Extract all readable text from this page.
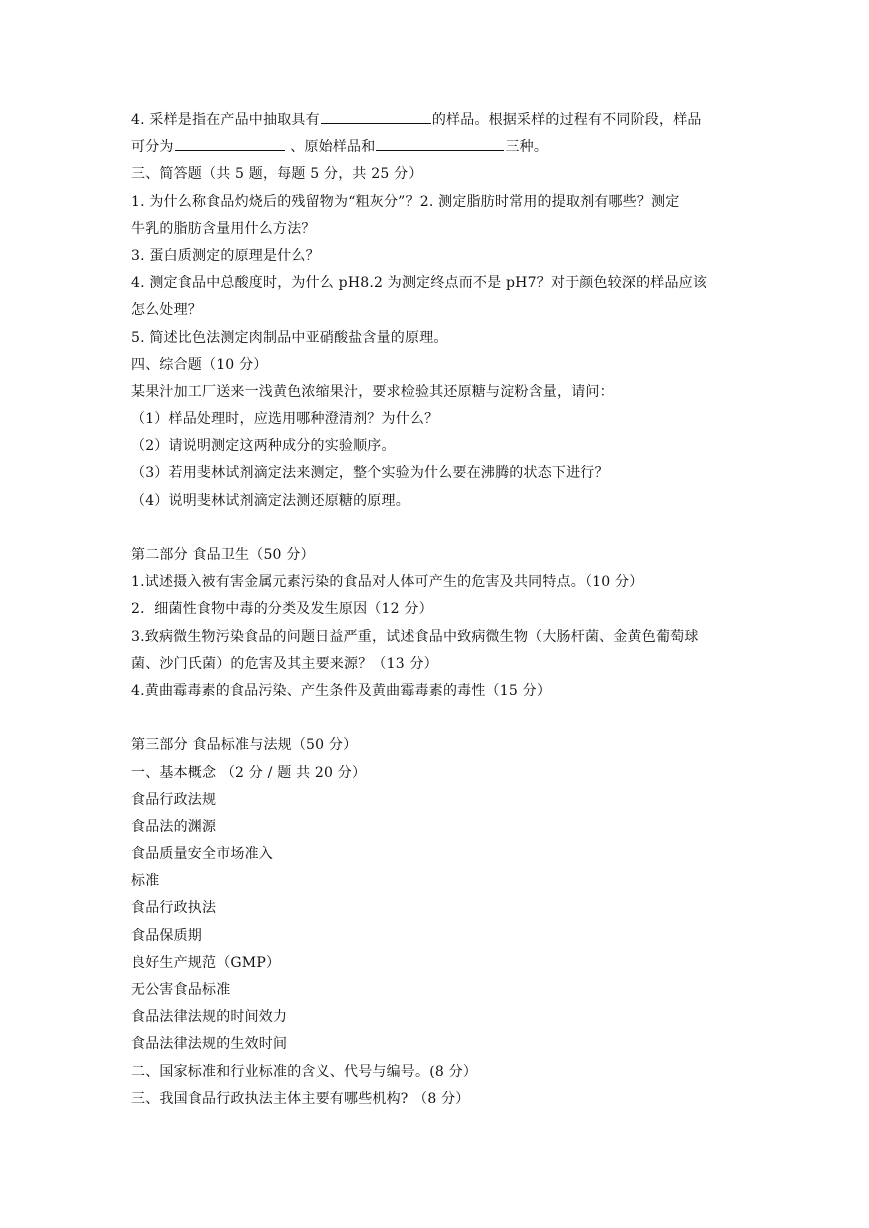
4. 采样是指在产品中抽取具有	的样品。根据采样的过程有不同阶段，样品
可分为	、原始样品和	三种。
三、简答题（共 5 题，每题 5 分，共 25 分）
1. 为什么称食品灼烧后的残留物为“粗灰分”？2. 测定脂肪时常用的提取剂有哪些？测定
牛乳的脂肪含量用什么方法？
3. 蛋白质测定的原理是什么？
4. 测定食品中总酸度时，为什么 pH8.2 为测定终点而不是 pH7？对于颜色较深的样品应该
怎么处理？
5. 简述比色法测定肉制品中亚硝酸盐含量的原理。
四、综合题（10 分）
某果汁加工厂送来一浅黄色浓缩果汁，要求检验其还原糖与淀粉含量，请问：
（1）样品处理时，应选用哪种澄清剂？为什么？
（2）请说明测定这两种成分的实验顺序。
（3）若用斐林试剂滴定法来测定，整个实验为什么要在沸腾的状态下进行？
（4）说明斐林试剂滴定法测还原糖的原理。
第二部分 食品卫生（50 分）
1.试述摄入被有害金属元素污染的食品对人体可产生的危害及共同特点。（10 分）
2．细菌性食物中毒的分类及发生原因（12 分）
3.致病微生物污染食品的问题日益严重，试述食品中致病微生物（大肠杆菌、金黄色葡萄球
菌、沙门氏菌）的危害及其主要来源？（13 分）
4.黄曲霉毒素的食品污染、产生条件及黄曲霉毒素的毒性（15 分）
第三部分 食品标准与法规（50 分）
一、基本概念 （2 分 / 题 共 20 分）
食品行政法规
食品法的渊源
食品质量安全市场准入
标准
食品行政执法
食品保质期
良好生产规范（GMP）
无公害食品标准
食品法律法规的时间效力
食品法律法规的生效时间
二、国家标准和行业标准的含义、代号与编号。(8 分）
三、我国食品行政执法主体主要有哪些机构? （8 分）
